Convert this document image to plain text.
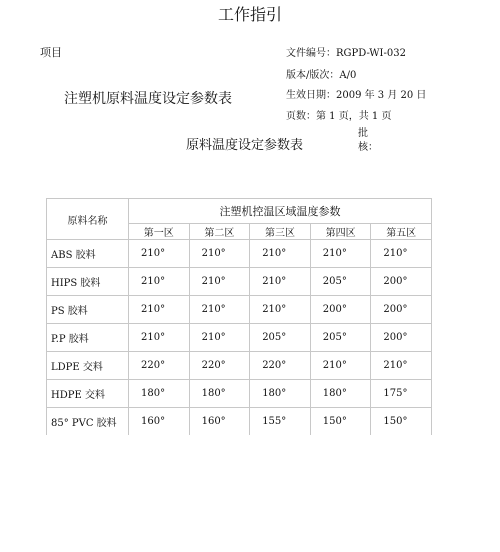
工作指引
项目
注塑机原料温度设定参数表
文件编号：RGPD-WI-032
版本/版次：A/0
生效日期：2009 年 3 月 20 日
页数：第 1 页，共 1 页
原料温度设定参数表
批 核：
原料名称	注塑机控温区域温度参数				
	第一区	第二区	第三区	第四区	第五区
ABS 胶料	210°	210°	210°	210°	210°
HIPS 胶料	210°	210°	210°	205°	200°
PS 胶料	210°	210°	210°	200°	200°
P.P 胶料	210°	210°	205°	205°	200°
LDPE 交料	220°	220°	220°	210°	210°
HDPE 交料	180°	180°	180°	180°	175°
85° PVC 胶料	160°	160°	155°	150°	150°
